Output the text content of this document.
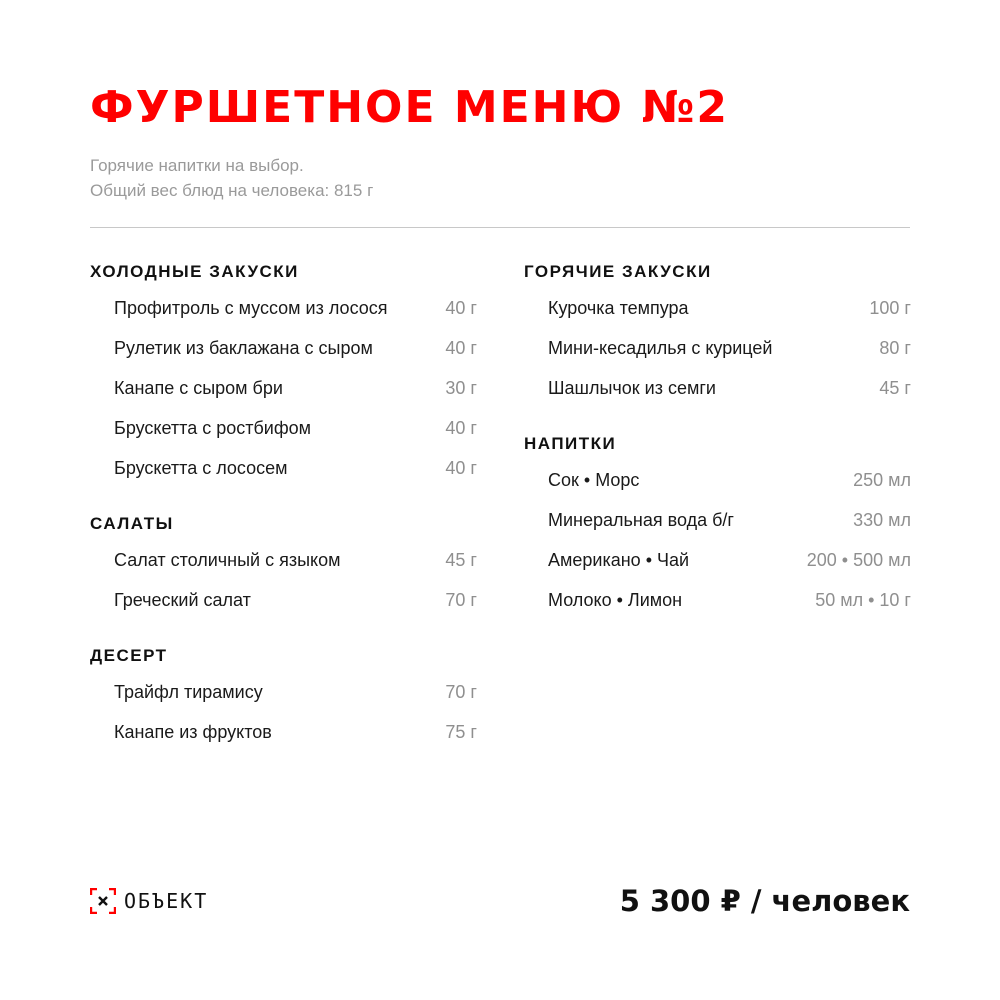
ФУРШЕТНОЕ МЕНЮ №2
Горячие напитки на выбор.
Общий вес блюд на человека: 815 г
ХОЛОДНЫЕ ЗАКУСКИ
Профитроль с муссом из лосося	40 г
Рулетик из баклажана с сыром	40 г
Канапе с сыром бри	30 г
Брускетта с ростбифом	40 г
Брускетта с лососем	40 г
САЛАТЫ
Салат столичный с языком	45 г
Греческий салат	70 г
ДЕСЕРТ
Трайфл тирамису	70 г
Канапе из фруктов	75 г
ГОРЯЧИЕ ЗАКУСКИ
Курочка темпура	100 г
Мини-кесадилья с курицей	80 г
Шашлычок из семги	45 г
НАПИТКИ
Сок • Морс	250 мл
Минеральная вода б/г	330 мл
Американо • Чай	200 • 500 мл
Молоко • Лимон	50 мл • 10 г
ОБЪЕКТ	5 300 ₽ / человек
